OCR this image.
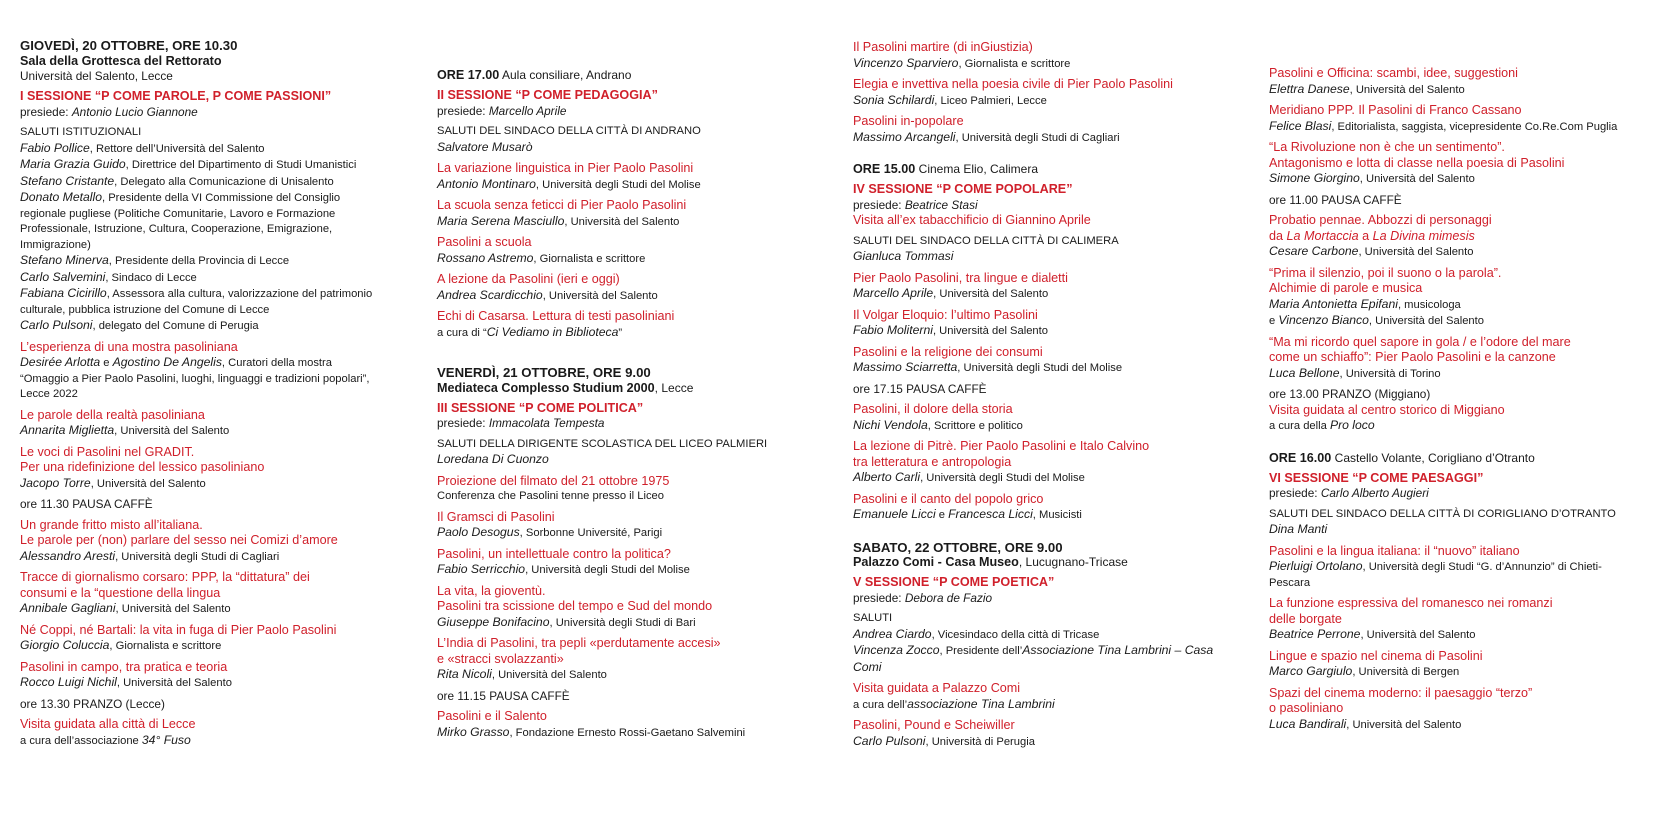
GIOVEDÌ, 20 OTTOBRE, ORE 10.30
Sala della Grottesca del Rettorato
Università del Salento, Lecce
I SESSIONE “P COME PAROLE, P COME PASSIONI”
presiede: Antonio Lucio Giannone
SALUTI ISTITUZIONALI
Fabio Pollice, Rettore dell’Università del Salento
Maria Grazia Guido, Direttrice del Dipartimento di Studi Umanistici
Stefano Cristante, Delegato alla Comunicazione di Unisalento
Donato Metallo, Presidente della VI Commissione del Consiglio regionale pugliese (Politiche Comunitarie, Lavoro e Formazione Professionale, Istruzione, Cultura, Cooperazione, Emigrazione, Immigrazione)
Stefano Minerva, Presidente della Provincia di Lecce
Carlo Salvemini, Sindaco di Lecce
Fabiana Cicirillo, Assessora alla cultura, valorizzazione del patrimonio culturale, pubblica istruzione del Comune di Lecce
Carlo Pulsoni, delegato del Comune di Perugia
L’esperienza di una mostra pasoliniana
Desirée Arlotta e Agostino De Angelis, Curatori della mostra “Omaggio a Pier Paolo Pasolini, luoghi, linguaggi e tradizioni popolari”, Lecce 2022
Le parole della realtà pasoliniana
Annarita Miglietta, Università del Salento
Le voci di Pasolini nel GRADIT.
Per una ridefinizione del lessico pasoliniano
Jacopo Torre, Università del Salento
ore 11.30 PAUSA CAFFÈ
Un grande fritto misto all’italiana.
Le parole per (non) parlare del sesso nei Comizi d’amore
Alessandro Aresti, Università degli Studi di Cagliari
Tracce di giornalismo corsaro: PPP, la “dittatura” dei
consumi e la “questione della lingua
Annibale Gagliani, Università del Salento
Né Coppi, né Bartali: la vita in fuga di Pier Paolo Pasolini
Giorgio Coluccia, Giornalista e scrittore
Pasolini in campo, tra pratica e teoria
Rocco Luigi Nichil, Università del Salento
ore 13.30 PRANZO (Lecce)
Visita guidata alla città di Lecce
a cura dell’associazione 34° Fuso
ORE 17.00 Aula consiliare, Andrano
II SESSIONE “P COME PEDAGOGIA”
presiede: Marcello Aprile
SALUTI DEL SINDACO DELLA CITTÀ DI ANDRANO
Salvatore Musarò
La variazione linguistica in Pier Paolo Pasolini
Antonio Montinaro, Università degli Studi del Molise
La scuola senza feticci di Pier Paolo Pasolini
Maria Serena Masciullo, Università del Salento
Pasolini a scuola
Rossano Astremo, Giornalista e scrittore
A lezione da Pasolini (ieri e oggi)
Andrea Scardicchio, Università del Salento
Echi di Casarsa. Lettura di testi pasoliniani
a cura di “Ci Vediamo in Biblioteca”
VENERDÌ, 21 OTTOBRE, ORE 9.00
Mediateca Complesso Studium 2000, Lecce
III SESSIONE “P COME POLITICA”
presiede: Immacolata Tempesta
SALUTI DELLA DIRIGENTE SCOLASTICA DEL LICEO PALMIERI
Loredana Di Cuonzo
Proiezione del filmato del 21 ottobre 1975
Conferenza che Pasolini tenne presso il Liceo
Il Gramsci di Pasolini
Paolo Desogus, Sorbonne Université, Parigi
Pasolini, un intellettuale contro la politica?
Fabio Serricchio, Università degli Studi del Molise
La vita, la gioventù.
Pasolini tra scissione del tempo e Sud del mondo
Giuseppe Bonifacino, Università degli Studi di Bari
L’India di Pasolini, tra pepli «perdutamente accesi»
e «stracci svolazzanti»
Rita Nicoli, Università del Salento
ore 11.15 PAUSA CAFFÈ
Pasolini e il Salento
Mirko Grasso, Fondazione Ernesto Rossi-Gaetano Salvemini
Il Pasolini martire (di inGiustizia)
Vincenzo Sparviero, Giornalista e scrittore
Elegia e invettiva nella poesia civile di Pier Paolo Pasolini
Sonia Schilardi, Liceo Palmieri, Lecce
Pasolini in-popolare
Massimo Arcangeli, Università degli Studi di Cagliari
ORE 15.00 Cinema Elio, Calimera
IV SESSIONE “P COME POPOLARE”
presiede: Beatrice Stasi
Visita all’ex tabacchificio di Giannino Aprile
SALUTI DEL SINDACO DELLA CITTÀ DI CALIMERA
Gianluca Tommasi
Pier Paolo Pasolini, tra lingue e dialetti
Marcello Aprile, Università del Salento
Il Volgar Eloquio: l’ultimo Pasolini
Fabio Moliterni, Università del Salento
Pasolini e la religione dei consumi
Massimo Sciarretta, Università degli Studi del Molise
ore 17.15 PAUSA CAFFÈ
Pasolini, il dolore della storia
Nichi Vendola, Scrittore e politico
La lezione di Pitrè. Pier Paolo Pasolini e Italo Calvino
tra letteratura e antropologia
Alberto Carli, Università degli Studi del Molise
Pasolini e il canto del popolo grico
Emanuele Licci e Francesca Licci, Musicisti
SABATO, 22 OTTOBRE, ORE 9.00
Palazzo Comi - Casa Museo, Lucugnano-Tricase
V SESSIONE “P COME POETICA”
presiede: Debora de Fazio
SALUTI
Andrea Ciardo, Vicesindaco della città di Tricase
Vincenza Zocco, Presidente dell’Associazione Tina Lambrini – Casa Comi
Visita guidata a Palazzo Comi
a cura dell’associazione Tina Lambrini
Pasolini, Pound e Scheiwiller
Carlo Pulsoni, Università di Perugia
Pasolini e Officina: scambi, idee, suggestioni
Elettra Danese, Università del Salento
Meridiano PPP. Il Pasolini di Franco Cassano
Felice Blasi, Editorialista, saggista, vicepresidente Co.Re.Com Puglia
“La Rivoluzione non è che un sentimento”.
Antagonismo e lotta di classe nella poesia di Pasolini
Simone Giorgino, Università del Salento
ore 11.00 PAUSA CAFFÈ
Probatio pennae. Abbozzi di personaggi
da La Mortaccia a La Divina mimesis
Cesare Carbone, Università del Salento
“Prima il silenzio, poi il suono o la parola”.
Alchimie di parole e musica
Maria Antonietta Epifani, musicologa
e Vincenzo Bianco, Università del Salento
“Ma mi ricordo quel sapore in gola / e l’odore del mare
come un schiaffo”: Pier Paolo Pasolini e la canzone
Luca Bellone, Università di Torino
ore 13.00 PRANZO (Miggiano)
Visita guidata al centro storico di Miggiano
a cura della Pro loco
ORE 16.00 Castello Volante, Corigliano d’Otranto
VI SESSIONE “P COME PAESAGGI”
presiede: Carlo Alberto Augieri
SALUTI DEL SINDACO DELLA CITTÀ DI CORIGLIANO D’OTRANTO
Dina Manti
Pasolini e la lingua italiana: il “nuovo” italiano
Pierluigi Ortolano, Università degli Studi “G. d’Annunzio” di Chieti-Pescara
La funzione espressiva del romanesco nei romanzi
delle borgate
Beatrice Perrone, Università del Salento
Lingue e spazio nel cinema di Pasolini
Marco Gargiulo, Università di Bergen
Spazi del cinema moderno: il paesaggio “terzo”
o pasoliniano
Luca Bandirali, Università del Salento
